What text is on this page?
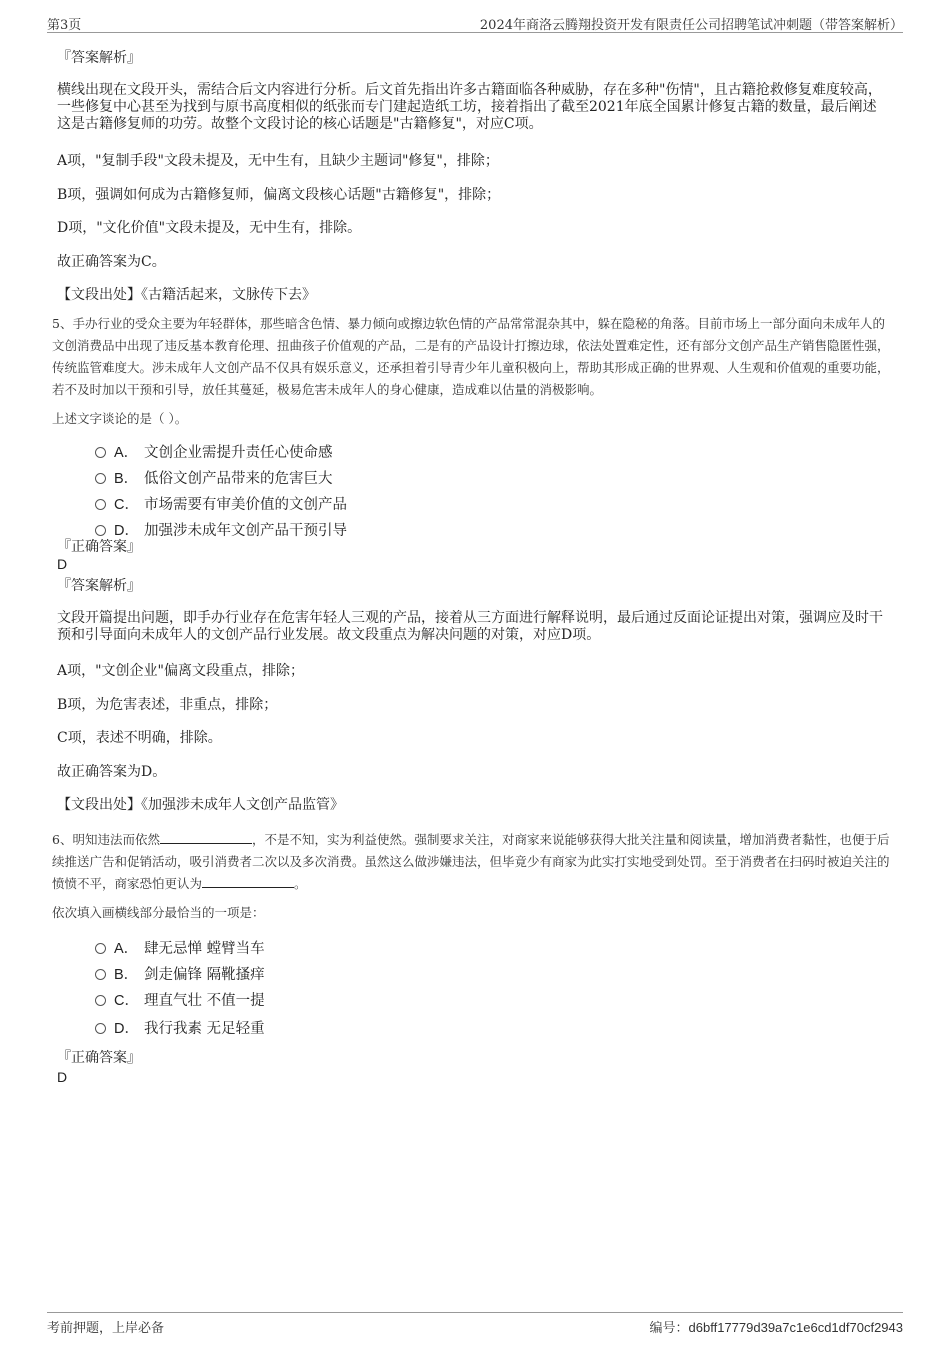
第3页	2024年商洛云腾翔投资开发有限责任公司招聘笔试冲刺题（带答案解析）
『答案解析』
横线出现在文段开头，需结合后文内容进行分析。后文首先指出许多古籍面临各种威胁，存在多种"伤情"，且古籍抢救修复难度较高，一些修复中心甚至为找到与原书高度相似的纸张而专门建起造纸工坊，接着指出了截至2021年底全国累计修复古籍的数量，最后阐述这是古籍修复师的功劳。故整个文段讨论的核心话题是"古籍修复"，对应C项。
A项，"复制手段"文段未提及，无中生有，且缺少主题词"修复"，排除；
B项，强调如何成为古籍修复师，偏离文段核心话题"古籍修复"，排除；
D项，"文化价值"文段未提及，无中生有，排除。
故正确答案为C。
【文段出处】《古籍活起来，文脉传下去》
5、手办行业的受众主要为年轻群体，那些暗含色情、暴力倾向或擦边软色情的产品常常混杂其中，躲在隐秘的角落。目前市场上一部分面向未成年人的文创消费品中出现了违反基本教育伦理、扭曲孩子价值观的产品，二是有的产品设计打擦边球，依法处置难定性，还有部分文创产品生产销售隐匿性强，传统监管难度大。涉未成年人文创产品不仅具有娱乐意义，还承担着引导青少年儿童积极向上，帮助其形成正确的世界观、人生观和价值观的重要功能，若不及时加以干预和引导，放任其蔓延，极易危害未成年人的身心健康，造成难以估量的消极影响。
上述文字谈论的是（ ）。
A． 文创企业需提升责任心使命感
B． 低俗文创产品带来的危害巨大
C． 市场需要有审美价值的文创产品
D． 加强涉未成年文创产品干预引导
『正确答案』
D
『答案解析』
文段开篇提出问题，即手办行业存在危害年轻人三观的产品，接着从三方面进行解释说明，最后通过反面论证提出对策，强调应及时干预和引导面向未成年人的文创产品行业发展。故文段重点为解决问题的对策，对应D项。
A项，"文创企业"偏离文段重点，排除；
B项，为危害表述，非重点，排除；
C项，表述不明确，排除。
故正确答案为D。
【文段出处】《加强涉未成年人文创产品监管》
6、明知违法而依然	，不是不知，实为利益使然。强制要求关注，对商家来说能够获得大批关注量和阅读量，增加消费者黏性，也便于后续推送广告和促销活动，吸引消费者二次以及多次消费。虽然这么做涉嫌违法，但毕竟少有商家为此实打实地受到处罚。至于消费者在扫码时被迫关注的愤愤不平，商家恐怕更认为	。
依次填入画横线部分最恰当的一项是：
A． 肆无忌惮 螳臂当车
B． 剑走偏锋 隔靴搔痒
C． 理直气壮 不值一提
D． 我行我素 无足轻重
『正确答案』
D
考前押题，上岸必备	编号：d6bff17779d39a7c1e6cd1df70cf2943
